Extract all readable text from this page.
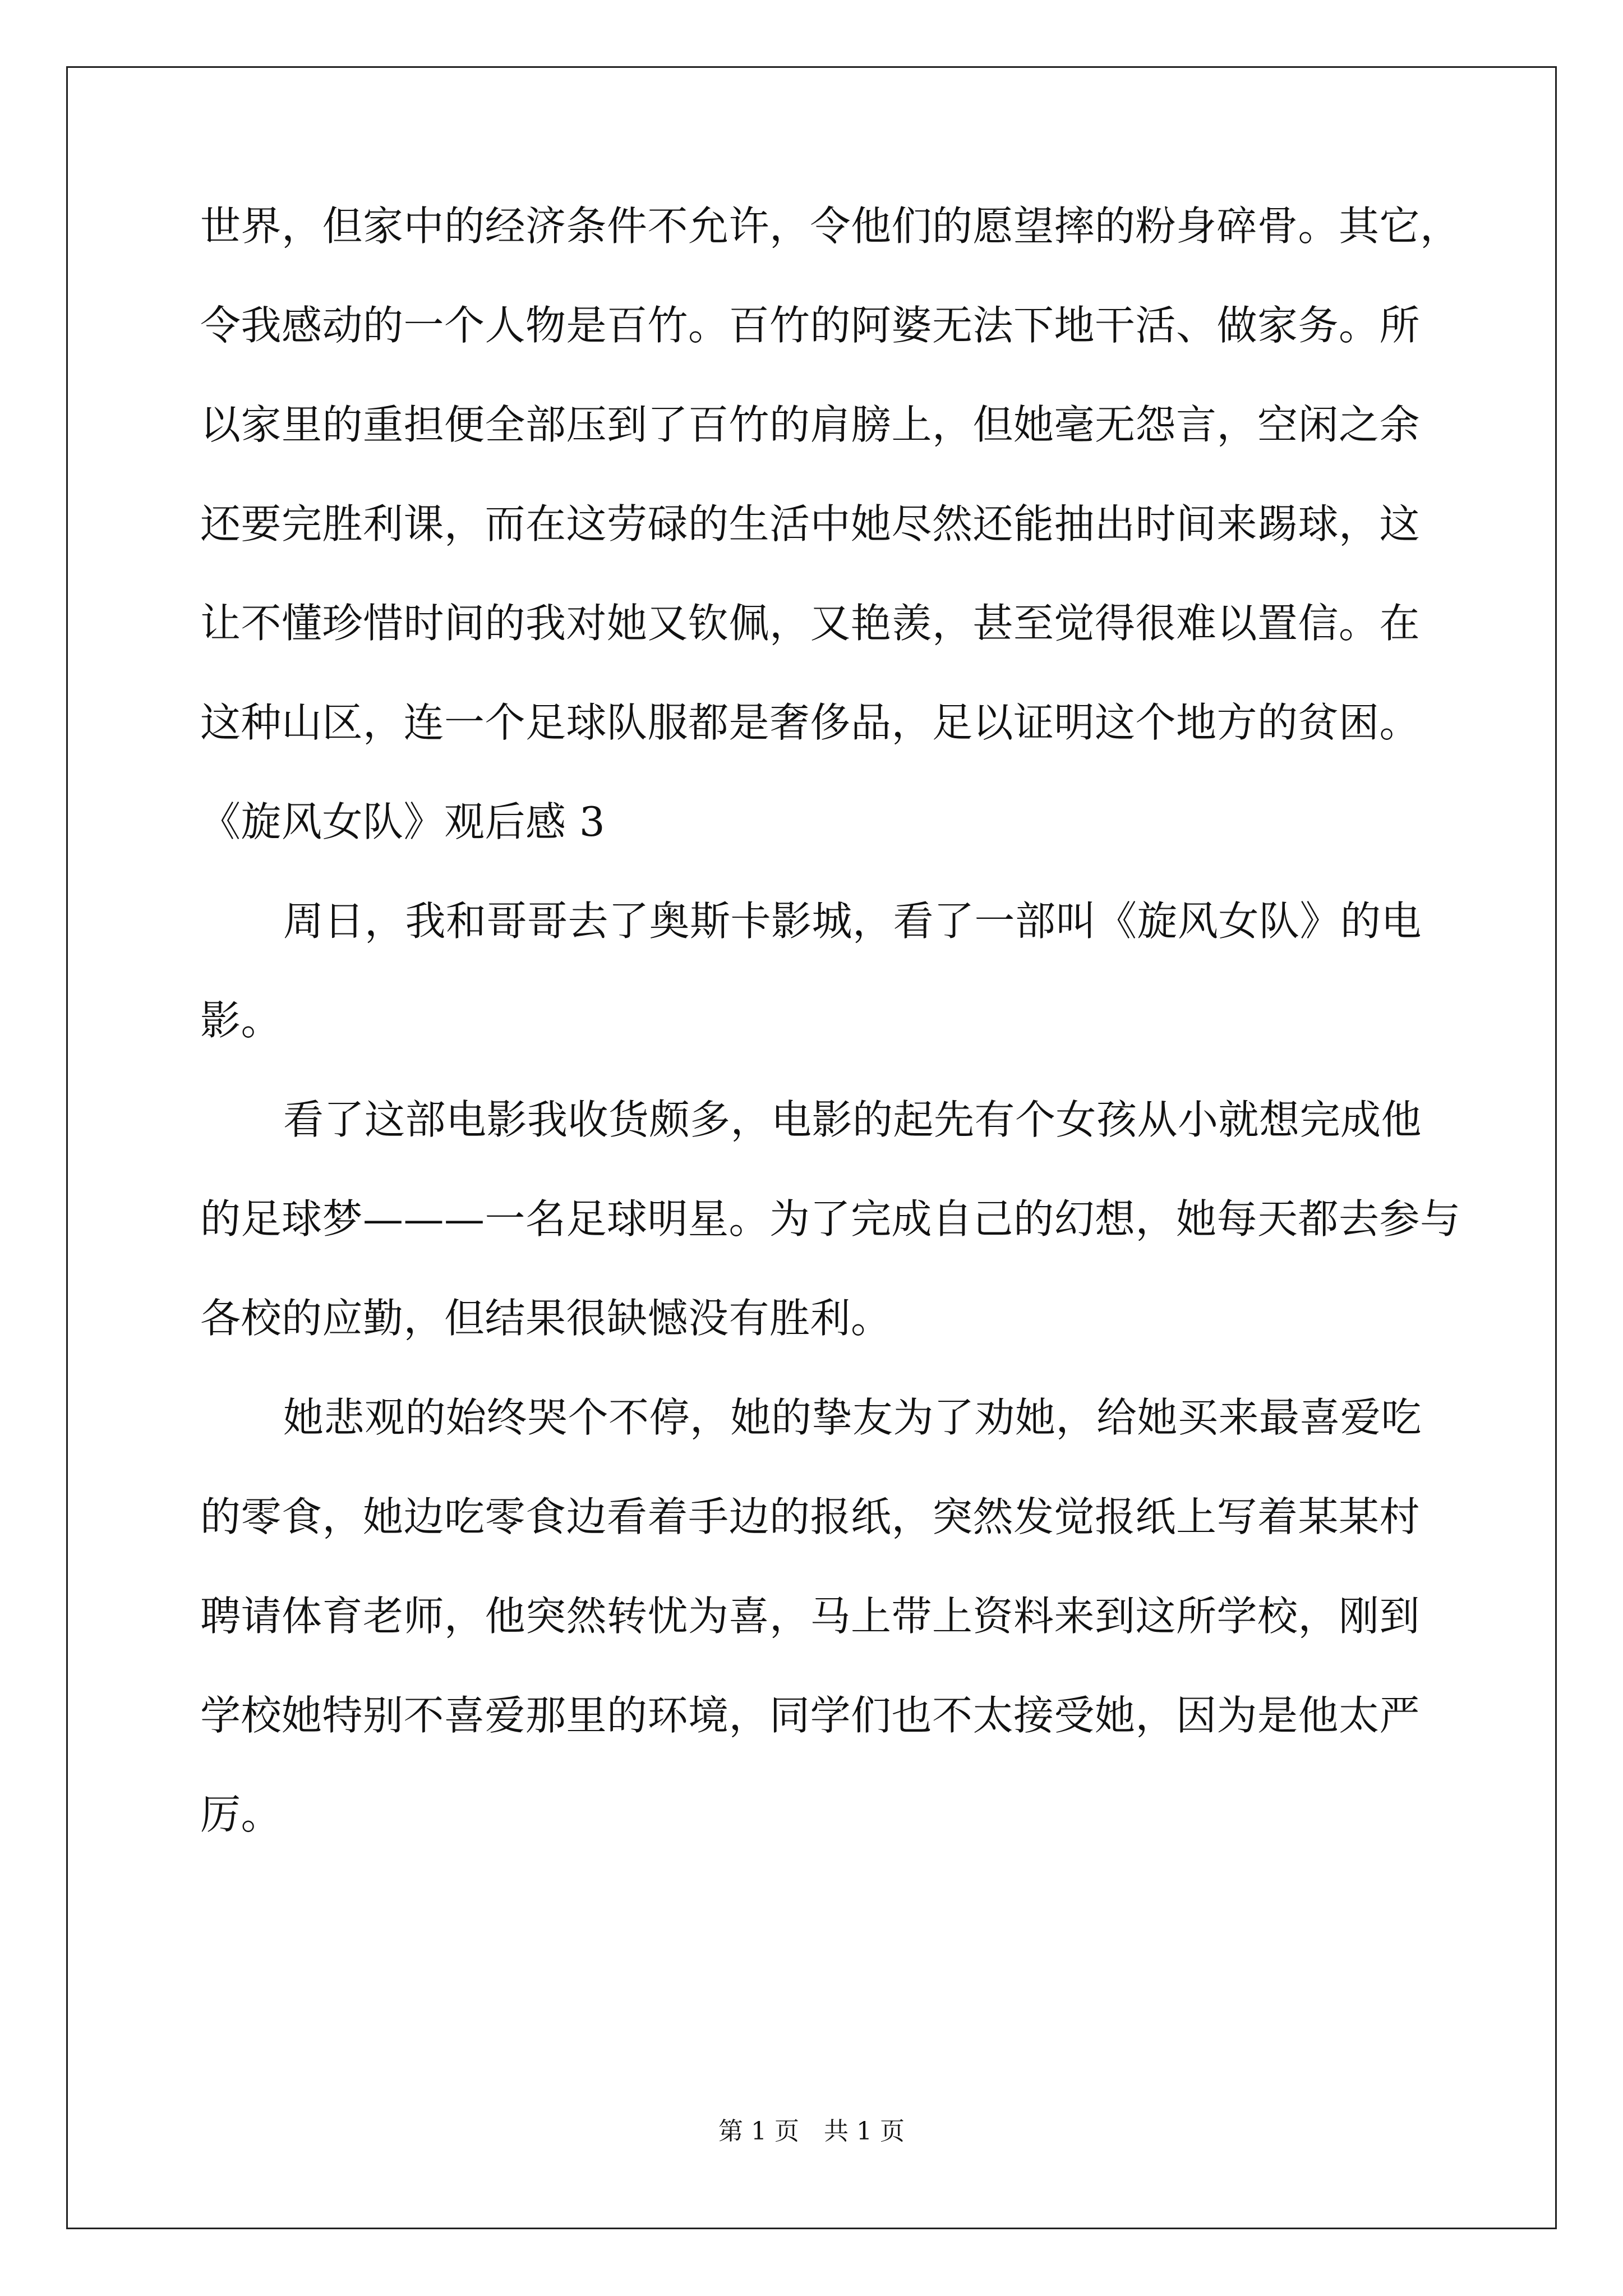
世界，但家中的经济条件不允许，令他们的愿望摔的粉身碎骨。其它，

令我感动的一个人物是百竹。百竹的阿婆无法下地干活、做家务。所

以家里的重担便全部压到了百竹的肩膀上，但她毫无怨言，空闲之余

还要完胜利课，而在这劳碌的生活中她尽然还能抽出时间来踢球，这

让不懂珍惜时间的我对她又钦佩，又艳羡，甚至觉得很难以置信。在

这种山区，连一个足球队服都是奢侈品，足以证明这个地方的贫困。

《旋风女队》观后感 3

周日，我和哥哥去了奥斯卡影城，看了一部叫《旋风女队》的电

影。

看了这部电影我收货颇多，电影的起先有个女孩从小就想完成他

的足球梦———一名足球明星。为了完成自己的幻想，她每天都去参与

各校的应勤，但结果很缺憾没有胜利。

她悲观的始终哭个不停，她的挚友为了劝她，给她买来最喜爱吃

的零食，她边吃零食边看着手边的报纸，突然发觉报纸上写着某某村

聘请体育老师，他突然转忧为喜，马上带上资料来到这所学校，刚到

学校她特别不喜爱那里的环境，同学们也不太接受她，因为是他太严

厉。

第 1 页　共 1 页
